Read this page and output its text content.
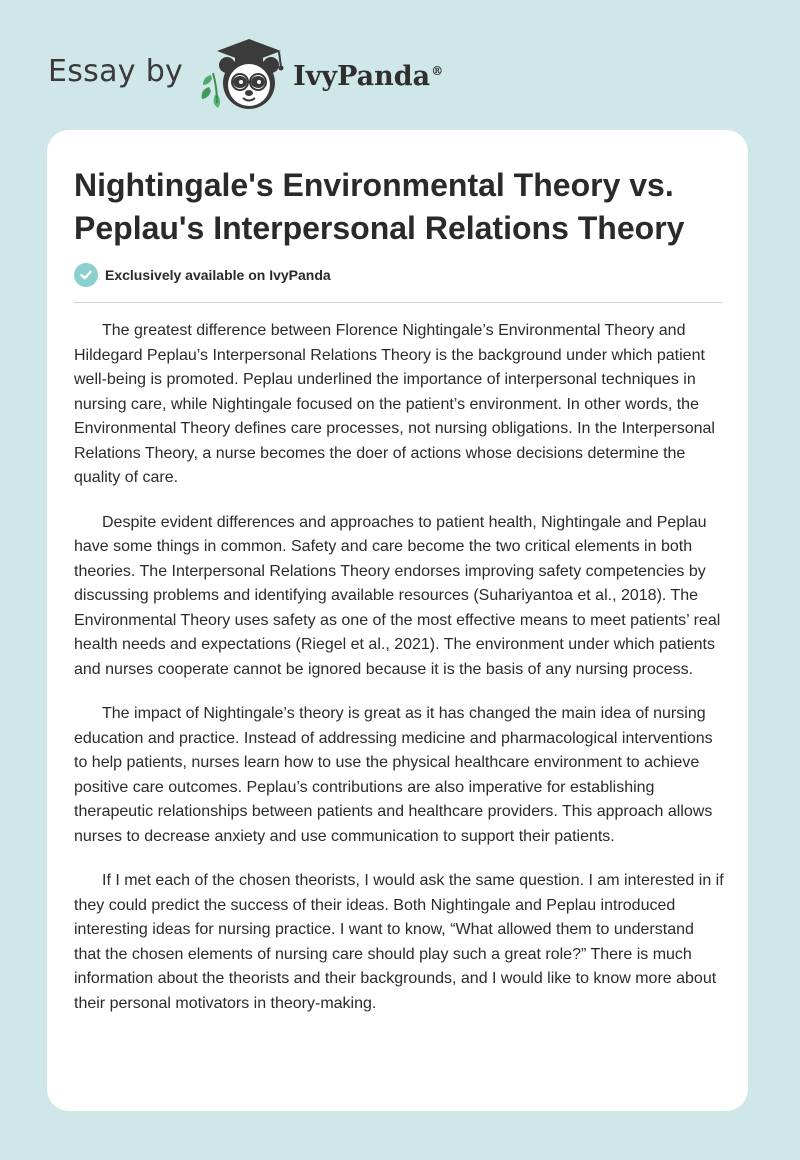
Essay by	IvyPanda®
Nightingale's Environmental Theory vs. Peplau's Interpersonal Relations Theory
Exclusively available on IvyPanda

The greatest difference between Florence Nightingale’s Environmental Theory and Hildegard Peplau’s Interpersonal Relations Theory is the background under which patient well-being is promoted. Peplau underlined the importance of interpersonal techniques in nursing care, while Nightingale focused on the patient’s environment. In other words, the Environmental Theory defines care processes, not nursing obligations. In the Interpersonal Relations Theory, a nurse becomes the doer of actions whose decisions determine the quality of care.

Despite evident differences and approaches to patient health, Nightingale and Peplau have some things in common. Safety and care become the two critical elements in both theories. The Interpersonal Relations Theory endorses improving safety competencies by discussing problems and identifying available resources (Suhariyantoa et al., 2018). The Environmental Theory uses safety as one of the most effective means to meet patients’ real health needs and expectations (Riegel et al., 2021). The environment under which patients and nurses cooperate cannot be ignored because it is the basis of any nursing process.

The impact of Nightingale’s theory is great as it has changed the main idea of nursing education and practice. Instead of addressing medicine and pharmacological interventions to help patients, nurses learn how to use the physical healthcare environment to achieve positive care outcomes. Peplau’s contributions are also imperative for establishing therapeutic relationships between patients and healthcare providers. This approach allows nurses to decrease anxiety and use communication to support their patients.

If I met each of the chosen theorists, I would ask the same question. I am interested in if they could predict the success of their ideas. Both Nightingale and Peplau introduced interesting ideas for nursing practice. I want to know, “What allowed them to understand that the chosen elements of nursing care should play such a great role?” There is much information about the theorists and their backgrounds, and I would like to know more about their personal motivators in theory-making.
